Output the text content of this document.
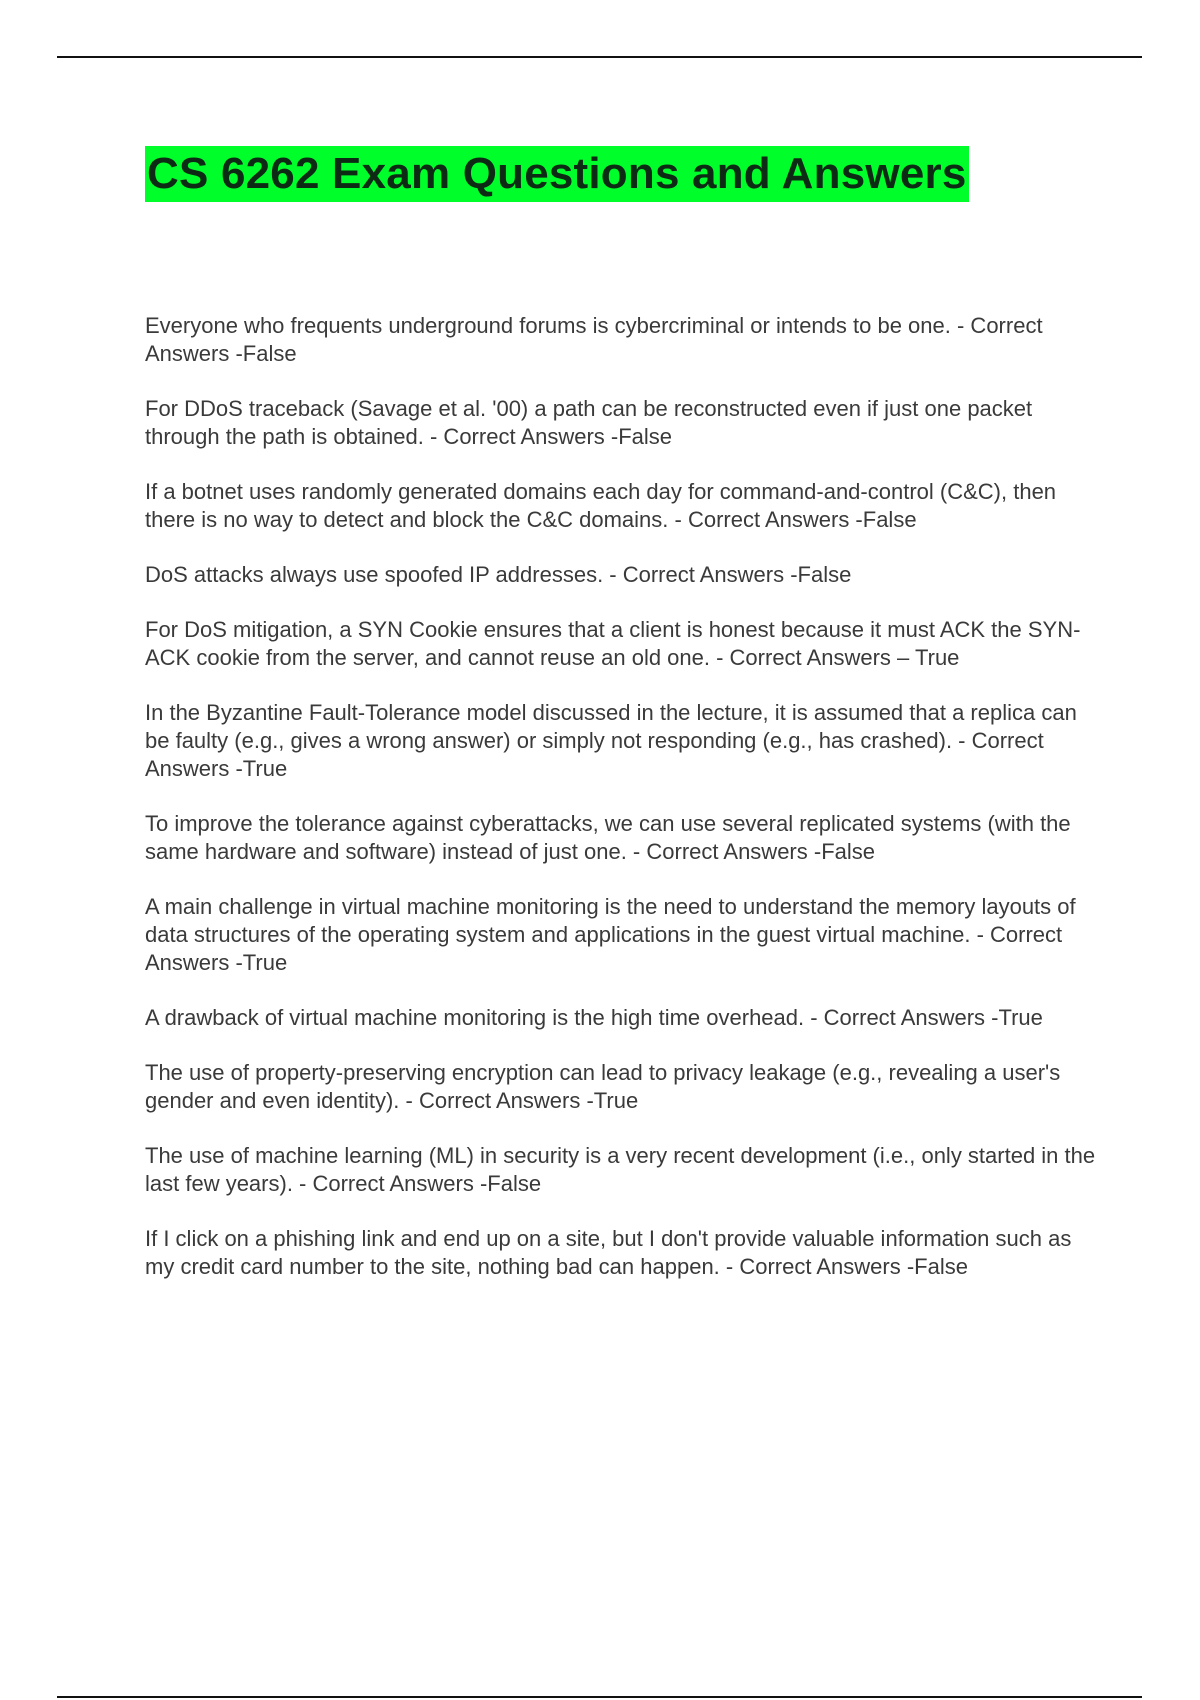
CS 6262 Exam Questions and Answers
Everyone who frequents underground forums is cybercriminal or intends to be one. - Correct Answers -False
For DDoS traceback (Savage et al. '00) a path can be reconstructed even if just one packet through the path is obtained. - Correct Answers -False
If a botnet uses randomly generated domains each day for command-and-control (C&C), then there is no way to detect and block the C&C domains. - Correct Answers -False
DoS attacks always use spoofed IP addresses. - Correct Answers -False
For DoS mitigation, a SYN Cookie ensures that a client is honest because it must ACK the SYN-ACK cookie from the server, and cannot reuse an old one. - Correct Answers – True
In the Byzantine Fault-Tolerance model discussed in the lecture, it is assumed that a replica can be faulty (e.g., gives a wrong answer) or simply not responding (e.g., has crashed). - Correct Answers -True
To improve the tolerance against cyberattacks, we can use several replicated systems (with the same hardware and software) instead of just one. - Correct Answers -False
A main challenge in virtual machine monitoring is the need to understand the memory layouts of data structures of the operating system and applications in the guest virtual machine. - Correct Answers -True
A drawback of virtual machine monitoring is the high time overhead. - Correct Answers -True
The use of property-preserving encryption can lead to privacy leakage (e.g., revealing a user's gender and even identity). - Correct Answers -True
The use of machine learning (ML) in security is a very recent development (i.e., only started in the last few years). - Correct Answers -False
If I click on a phishing link and end up on a site, but I don't provide valuable information such as my credit card number to the site, nothing bad can happen. - Correct Answers -False
